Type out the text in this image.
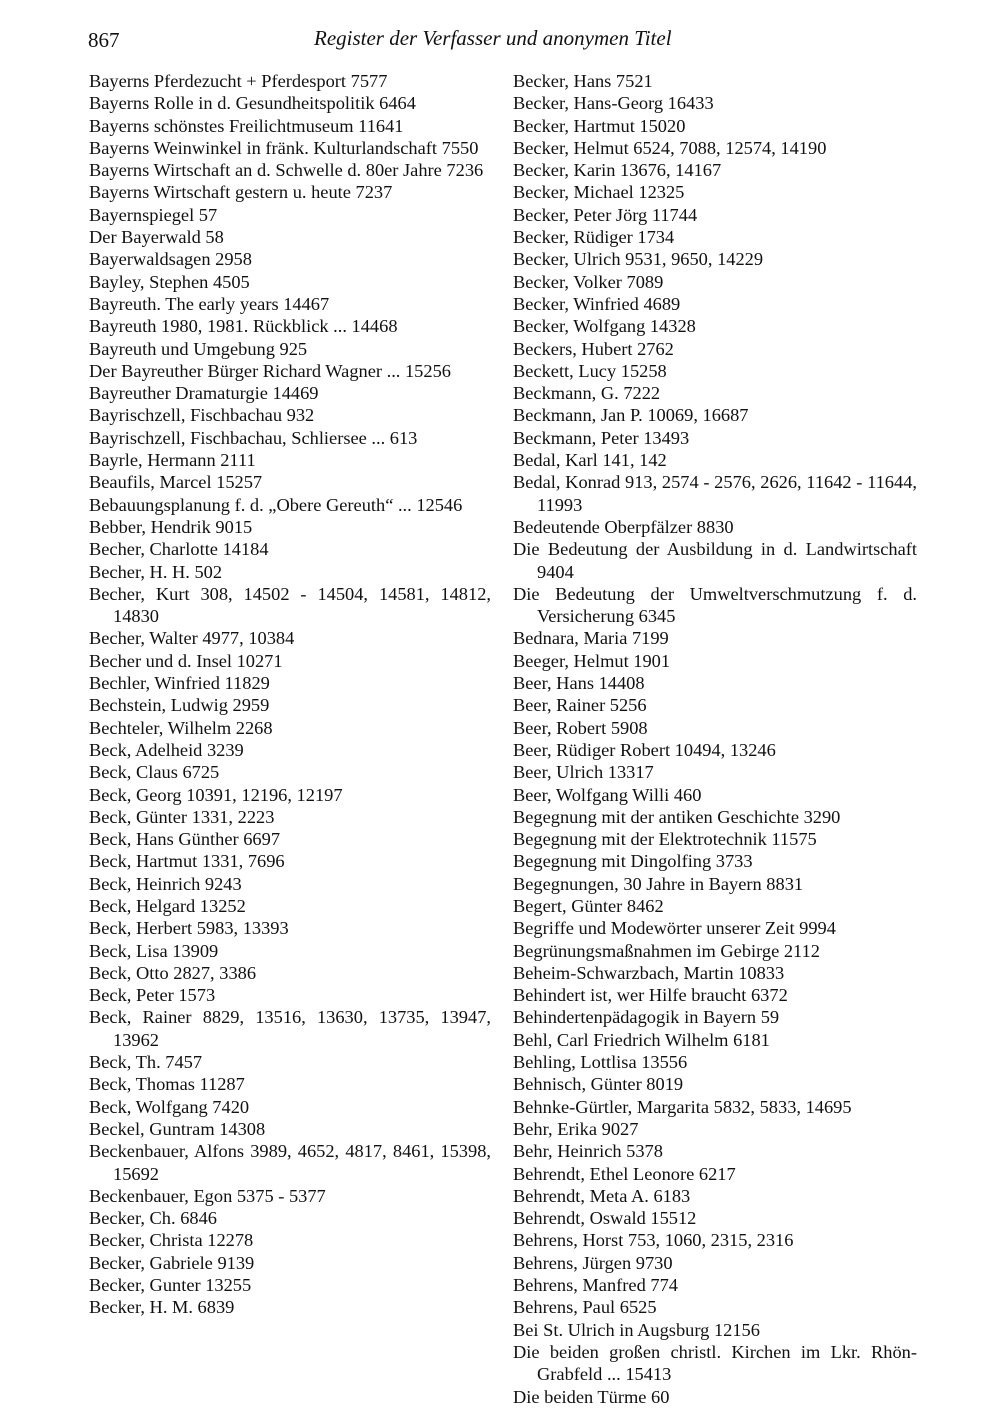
867	Register der Verfasser und anonymen Titel
Bayerns Pferdezucht + Pferdesport 7577
Bayerns Rolle in d. Gesundheitspolitik 6464
Bayerns schönstes Freilichtmuseum 11641
Bayerns Weinwinkel in fränk. Kulturlandschaft 7550
Bayerns Wirtschaft an d. Schwelle d. 80er Jahre 7236
Bayerns Wirtschaft gestern u. heute 7237
Bayernspiegel 57
Der Bayerwald 58
Bayerwaldsagen 2958
Bayley, Stephen 4505
Bayreuth. The early years 14467
Bayreuth 1980, 1981. Rückblick ... 14468
Bayreuth und Umgebung 925
Der Bayreuther Bürger Richard Wagner ... 15256
Bayreuther Dramaturgie 14469
Bayrischzell, Fischbachau 932
Bayrischzell, Fischbachau, Schliersee ... 613
Bayrle, Hermann 2111
Beaufils, Marcel 15257
Bebauungsplanung f. d. „Obere Gereuth“ ... 12546
Bebber, Hendrik 9015
Becher, Charlotte 14184
Becher, H. H. 502
Becher, Kurt 308, 14502 - 14504, 14581, 14812, 14830
Becher, Walter 4977, 10384
Becher und d. Insel 10271
Bechler, Winfried 11829
Bechstein, Ludwig 2959
Bechteler, Wilhelm 2268
Beck, Adelheid 3239
Beck, Claus 6725
Beck, Georg 10391, 12196, 12197
Beck, Günter 1331, 2223
Beck, Hans Günther 6697
Beck, Hartmut 1331, 7696
Beck, Heinrich 9243
Beck, Helgard 13252
Beck, Herbert 5983, 13393
Beck, Lisa 13909
Beck, Otto 2827, 3386
Beck, Peter 1573
Beck, Rainer 8829, 13516, 13630, 13735, 13947, 13962
Beck, Th. 7457
Beck, Thomas 11287
Beck, Wolfgang 7420
Beckel, Guntram 14308
Beckenbauer, Alfons 3989, 4652, 4817, 8461, 15398, 15692
Beckenbauer, Egon 5375 - 5377
Becker, Ch. 6846
Becker, Christa 12278
Becker, Gabriele 9139
Becker, Gunter 13255
Becker, H. M. 6839
Becker, Hans 7521
Becker, Hans-Georg 16433
Becker, Hartmut 15020
Becker, Helmut 6524, 7088, 12574, 14190
Becker, Karin 13676, 14167
Becker, Michael 12325
Becker, Peter Jörg 11744
Becker, Rüdiger 1734
Becker, Ulrich 9531, 9650, 14229
Becker, Volker 7089
Becker, Winfried 4689
Becker, Wolfgang 14328
Beckers, Hubert 2762
Beckett, Lucy 15258
Beckmann, G. 7222
Beckmann, Jan P. 10069, 16687
Beckmann, Peter 13493
Bedal, Karl 141, 142
Bedal, Konrad 913, 2574 - 2576, 2626, 11642 - 11644, 11993
Bedeutende Oberpfälzer 8830
Die Bedeutung der Ausbildung in d. Landwirtschaft 9404
Die Bedeutung der Umweltverschmutzung f. d. Versicherung 6345
Bednara, Maria 7199
Beeger, Helmut 1901
Beer, Hans 14408
Beer, Rainer 5256
Beer, Robert 5908
Beer, Rüdiger Robert 10494, 13246
Beer, Ulrich 13317
Beer, Wolfgang Willi 460
Begegnung mit der antiken Geschichte 3290
Begegnung mit der Elektrotechnik 11575
Begegnung mit Dingolfing 3733
Begegnungen, 30 Jahre in Bayern 8831
Begert, Günter 8462
Begriffe und Modewörter unserer Zeit 9994
Begrünungsmaßnahmen im Gebirge 2112
Beheim-Schwarzbach, Martin 10833
Behindert ist, wer Hilfe braucht 6372
Behindertenpädagogik in Bayern 59
Behl, Carl Friedrich Wilhelm 6181
Behling, Lottlisa 13556
Behnisch, Günter 8019
Behnke-Gürtler, Margarita 5832, 5833, 14695
Behr, Erika 9027
Behr, Heinrich 5378
Behrendt, Ethel Leonore 6217
Behrendt, Meta A. 6183
Behrendt, Oswald 15512
Behrens, Horst 753, 1060, 2315, 2316
Behrens, Jürgen 9730
Behrens, Manfred 774
Behrens, Paul 6525
Bei St. Ulrich in Augsburg 12156
Die beiden großen christl. Kirchen im Lkr. Rhön-Grabfeld ... 15413
Die beiden Türme 60
